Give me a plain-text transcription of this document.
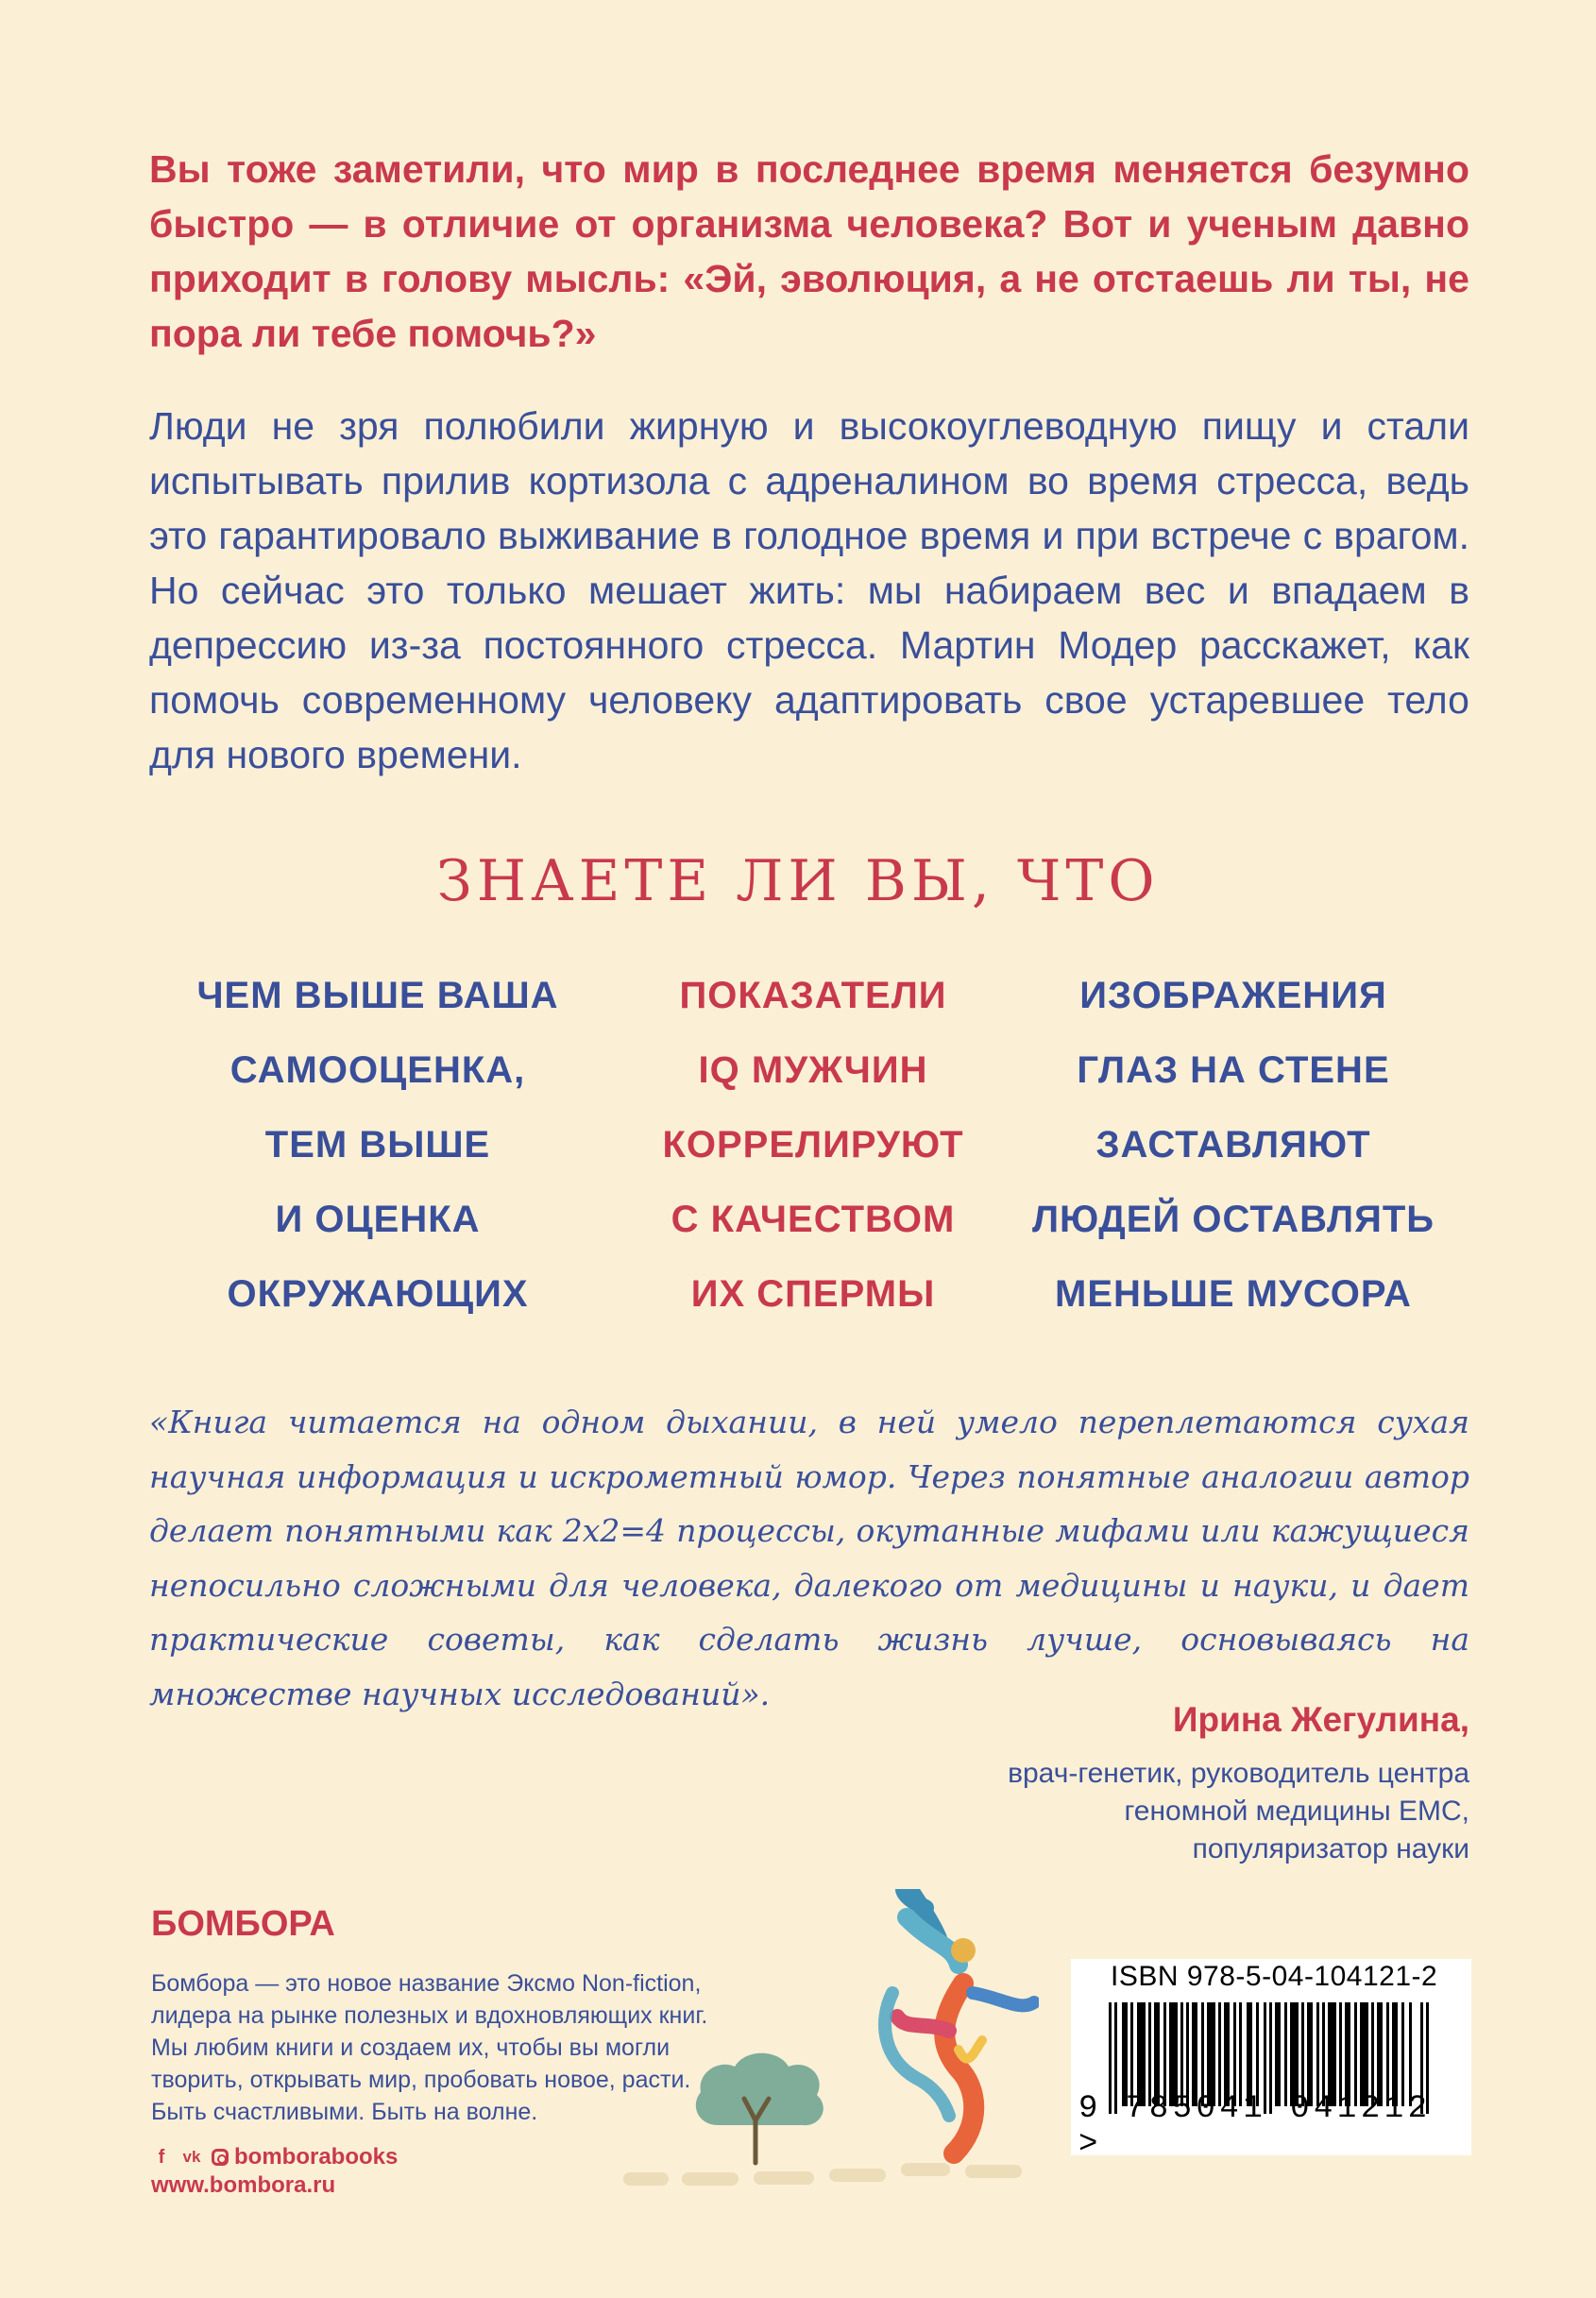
Вы тоже заметили, что мир в последнее время меняется безумно быстро — в отличие от организма человека? Вот и ученым давно приходит в голову мысль: «Эй, эволюция, а не отстаешь ли ты, не пора ли тебе помочь?»
Люди не зря полюбили жирную и высокоуглеводную пищу и стали испытывать прилив кортизола с адреналином во время стресса, ведь это гарантировало выживание в голодное время и при встрече с врагом. Но сейчас это только мешает жить: мы набираем вес и впадаем в депрессию из-за постоянного стресса. Мартин Модер расскажет, как помочь современному человеку адаптировать свое устаревшее тело для нового времени.
ЗНАЕТЕ ЛИ ВЫ, ЧТО
ЧЕМ ВЫШЕ ВАША
САМООЦЕНКА,
ТЕМ ВЫШЕ
И ОЦЕНКА
ОКРУЖАЮЩИХ
ПОКАЗАТЕЛИ
IQ МУЖЧИН
КОРРЕЛИРУЮТ
С КАЧЕСТВОМ
ИХ СПЕРМЫ
ИЗОБРАЖЕНИЯ
ГЛАЗ НА СТЕНЕ
ЗАСТАВЛЯЮТ
ЛЮДЕЙ ОСТАВЛЯТЬ
МЕНЬШЕ МУСОРА
«Книга читается на одном дыхании, в ней умело переплетаются сухая научная информация и искрометный юмор. Через понятные аналогии автор делает понятными как 2х2=4 процессы, окутанные мифами или кажущиеся непосильно сложными для человека, далекого от медицины и науки, и дает практические советы, как сделать жизнь лучше, основываясь на множестве научных исследований».
Ирина Жегулина,
врач-генетик, руководитель центра
геномной медицины ЕМС,
популяризатор науки
БОМБОРА
Бомбора — это новое название Эксмо Non-fiction,
лидера на рынке полезных и вдохновляющих книг.
Мы любим книги и создаем их, чтобы вы могли
творить, открывать мир, пробовать новое, расти.
Быть счастливыми. Быть на волне.
f	vk bomborabooks
www.bombora.ru
ISBN 978-5-04-104121-2
9 785041 041212 >
